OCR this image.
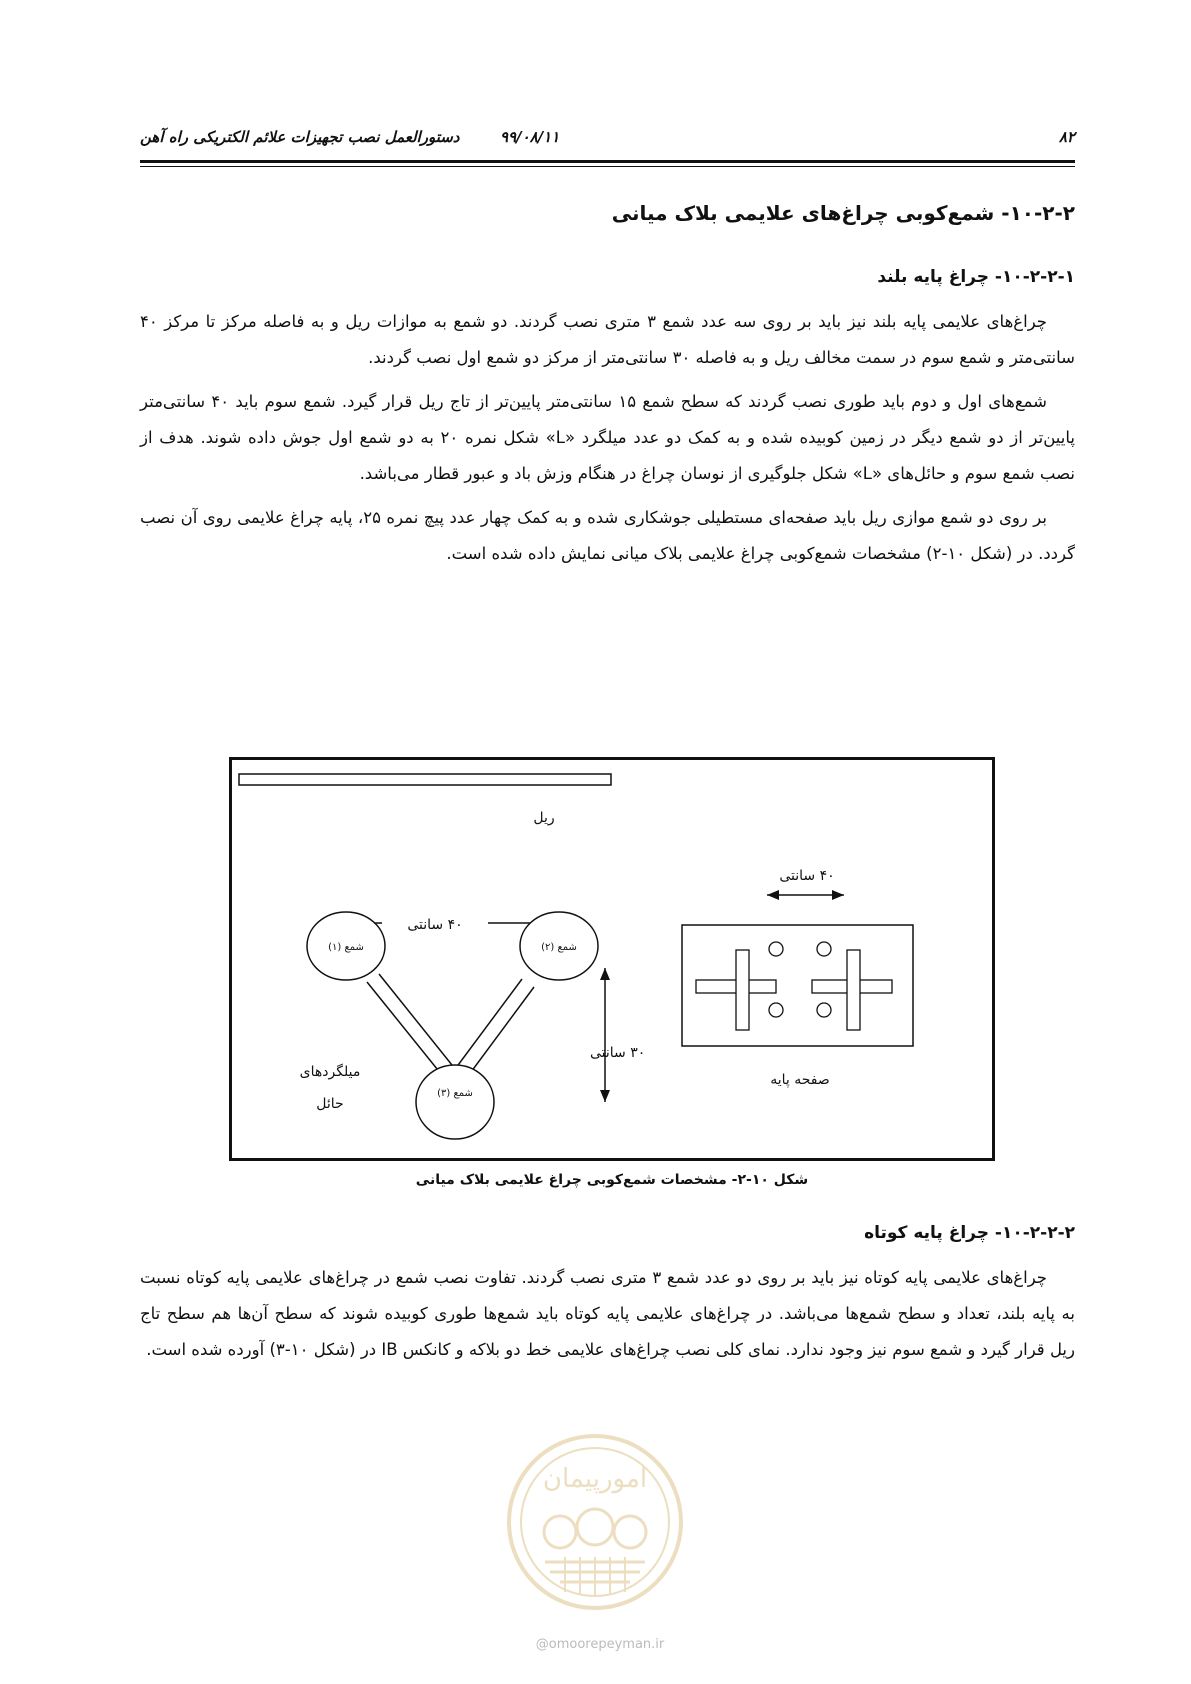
۸۲
۹۹/۰۸/۱۱
دستورالعمل نصب تجهیزات علائم الکتریکی راه آهن
۱۰-۲-۲- شمع‌کوبی چراغ‌های علایمی بلاک میانی
۱۰-۲-۲-۱- چراغ پایه بلند

چراغ‌های علایمی پایه بلند نیز باید بر روی سه عدد شمع ۳ متری نصب گردند. دو شمع به موازات ریل و به فاصله مرکز تا مرکز ۴۰ سانتی‌متر و شمع سوم در سمت مخالف ریل و به فاصله ۳۰ سانتی‌متر از مرکز دو شمع اول نصب گردند.

شمع‌های اول و دوم باید طوری نصب گردند که سطح شمع ۱۵ سانتی‌متر پایین‌تر از تاج ریل قرار گیرد. شمع سوم باید ۴۰ سانتی‌متر پایین‌تر از دو شمع دیگر در زمین کوبیده شده و به کمک دو عدد میلگرد «L» شکل نمره ۲۰ به دو شمع اول جوش داده شوند. هدف از نصب شمع سوم و حائل‌های «L» شکل جلوگیری از نوسان چراغ در هنگام وزش باد و عبور قطار می‌باشد.

بر روی دو شمع موازی ریل باید صفحه‌ای مستطیلی جوشکاری شده و به کمک چهار عدد پیچ نمره ۲۵، پایه چراغ علایمی روی آن نصب گردد. در (شکل ۱۰-۲) مشخصات شمع‌کوبی چراغ علایمی بلاک میانی نمایش داده شده است.

ریل
۴۰ سانتی
شمع (۱)	شمع (۲)
شمع (۳)
میلگردهای
حائل
۳۰ سانتی
۴۰ سانتی
صفحه پایه
شکل ۱۰-۲- مشخصات شمع‌کوبی چراغ علایمی بلاک میانی
۱۰-۲-۲-۲- چراغ پایه کوتاه

چراغ‌های علایمی پایه کوتاه نیز باید بر روی دو عدد شمع ۳ متری نصب گردند. تفاوت نصب شمع در چراغ‌های علایمی پایه کوتاه نسبت به پایه بلند، تعداد و سطح شمع‌ها می‌باشد. در چراغ‌های علایمی پایه کوتاه باید شمع‌ها طوری کوبیده شوند که سطح آن‌ها هم سطح تاج ریل قرار گیرد و شمع سوم نیز وجود ندارد. نمای کلی نصب چراغ‌های علایمی خط دو بلاکه و کانکس IB در (شکل ۱۰-۳) آورده شده است.

امورپیمان
@omoorepeyman.ir
